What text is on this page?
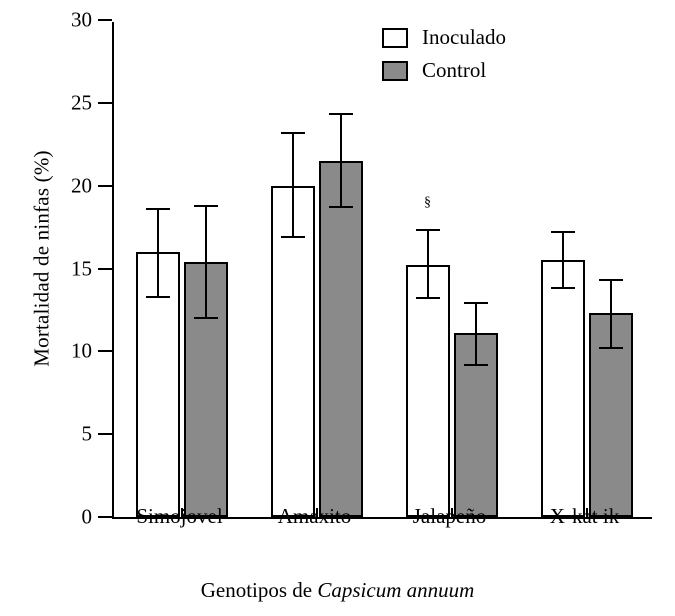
Mortalidad de ninfas (%)
Genotipos de Capsicum annuum
0
5
10
15
20
25
30
§
Simojovel	Amaxito	Jalapeño	X-kat ik
Inoculado
Control
